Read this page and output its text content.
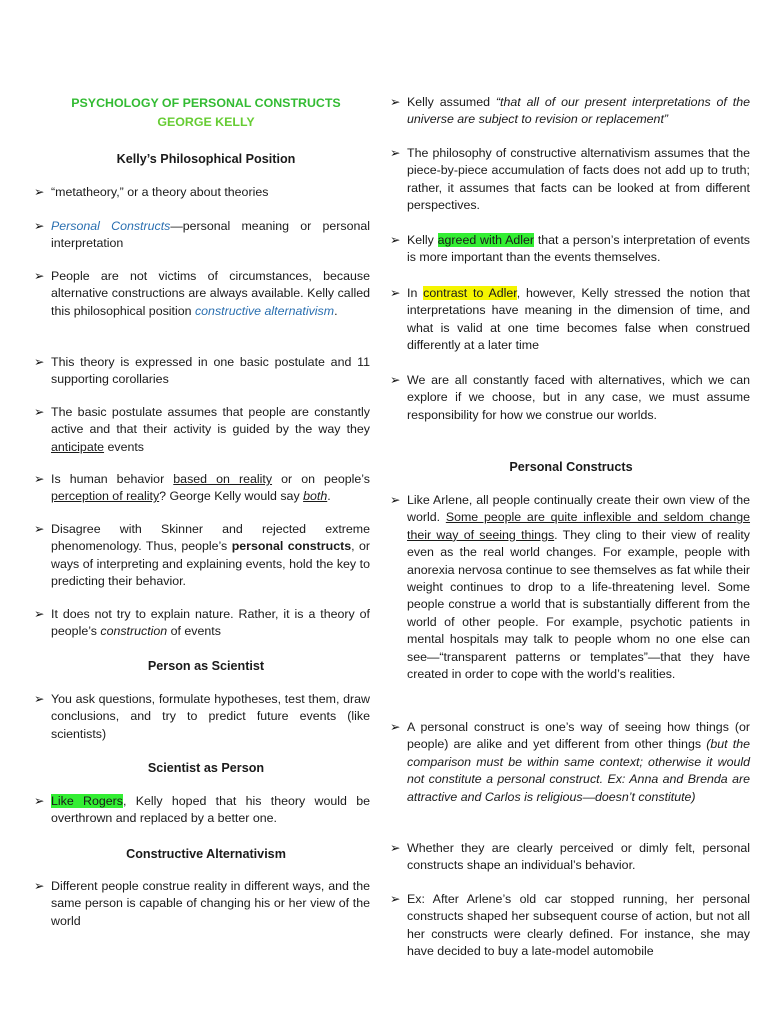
PSYCHOLOGY OF PERSONAL CONSTRUCTS
GEORGE KELLY
Kelly’s Philosophical Position
➢ “metatheory,” or a theory about theories
➢ Personal Constructs—personal meaning or personal interpretation
➢ People are not victims of circumstances, because alternative constructions are always available. Kelly called this philosophical position constructive alternativism.
➢ This theory is expressed in one basic postulate and 11 supporting corollaries
➢ The basic postulate assumes that people are constantly active and that their activity is guided by the way they anticipate events
➢ Is human behavior based on reality or on people’s perception of reality? George Kelly would say both.
➢ Disagree with Skinner and rejected extreme phenomenology. Thus, people’s personal constructs, or ways of interpreting and explaining events, hold the key to predicting their behavior.
➢ It does not try to explain nature. Rather, it is a theory of people’s construction of events
Person as Scientist
➢ You ask questions, formulate hypotheses, test them, draw conclusions, and try to predict future events (like scientists)
Scientist as Person
➢ Like Rogers, Kelly hoped that his theory would be overthrown and replaced by a better one.
Constructive Alternativism
➢ Different people construe reality in different ways, and the same person is capable of changing his or her view of the world
➢ Kelly assumed “that all of our present interpretations of the universe are subject to revision or replacement”
➢ The philosophy of constructive alternativism assumes that the piece-by-piece accumulation of facts does not add up to truth; rather, it assumes that facts can be looked at from different perspectives.
➢ Kelly agreed with Adler that a person’s interpretation of events is more important than the events themselves.
➢ In contrast to Adler, however, Kelly stressed the notion that interpretations have meaning in the dimension of time, and what is valid at one time becomes false when construed differently at a later time
➢ We are all constantly faced with alternatives, which we can explore if we choose, but in any case, we must assume responsibility for how we construe our worlds.
Personal Constructs
➢ Like Arlene, all people continually create their own view of the world. Some people are quite inflexible and seldom change their way of seeing things. They cling to their view of reality even as the real world changes. For example, people with anorexia nervosa continue to see themselves as fat while their weight continues to drop to a life-threatening level. Some people construe a world that is substantially different from the world of other people. For example, psychotic patients in mental hospitals may talk to people whom no one else can see—“transparent patterns or templates”—that they have created in order to cope with the world’s realities.
➢ A personal construct is one’s way of seeing how things (or people) are alike and yet different from other things (but the comparison must be within same context; otherwise it would not constitute a personal construct. Ex: Anna and Brenda are attractive and Carlos is religious—doesn’t constitute)
➢ Whether they are clearly perceived or dimly felt, personal constructs shape an individual’s behavior.
➢ Ex: After Arlene’s old car stopped running, her personal constructs shaped her subsequent course of action, but not all her constructs were clearly defined. For instance, she may have decided to buy a late-model automobile
